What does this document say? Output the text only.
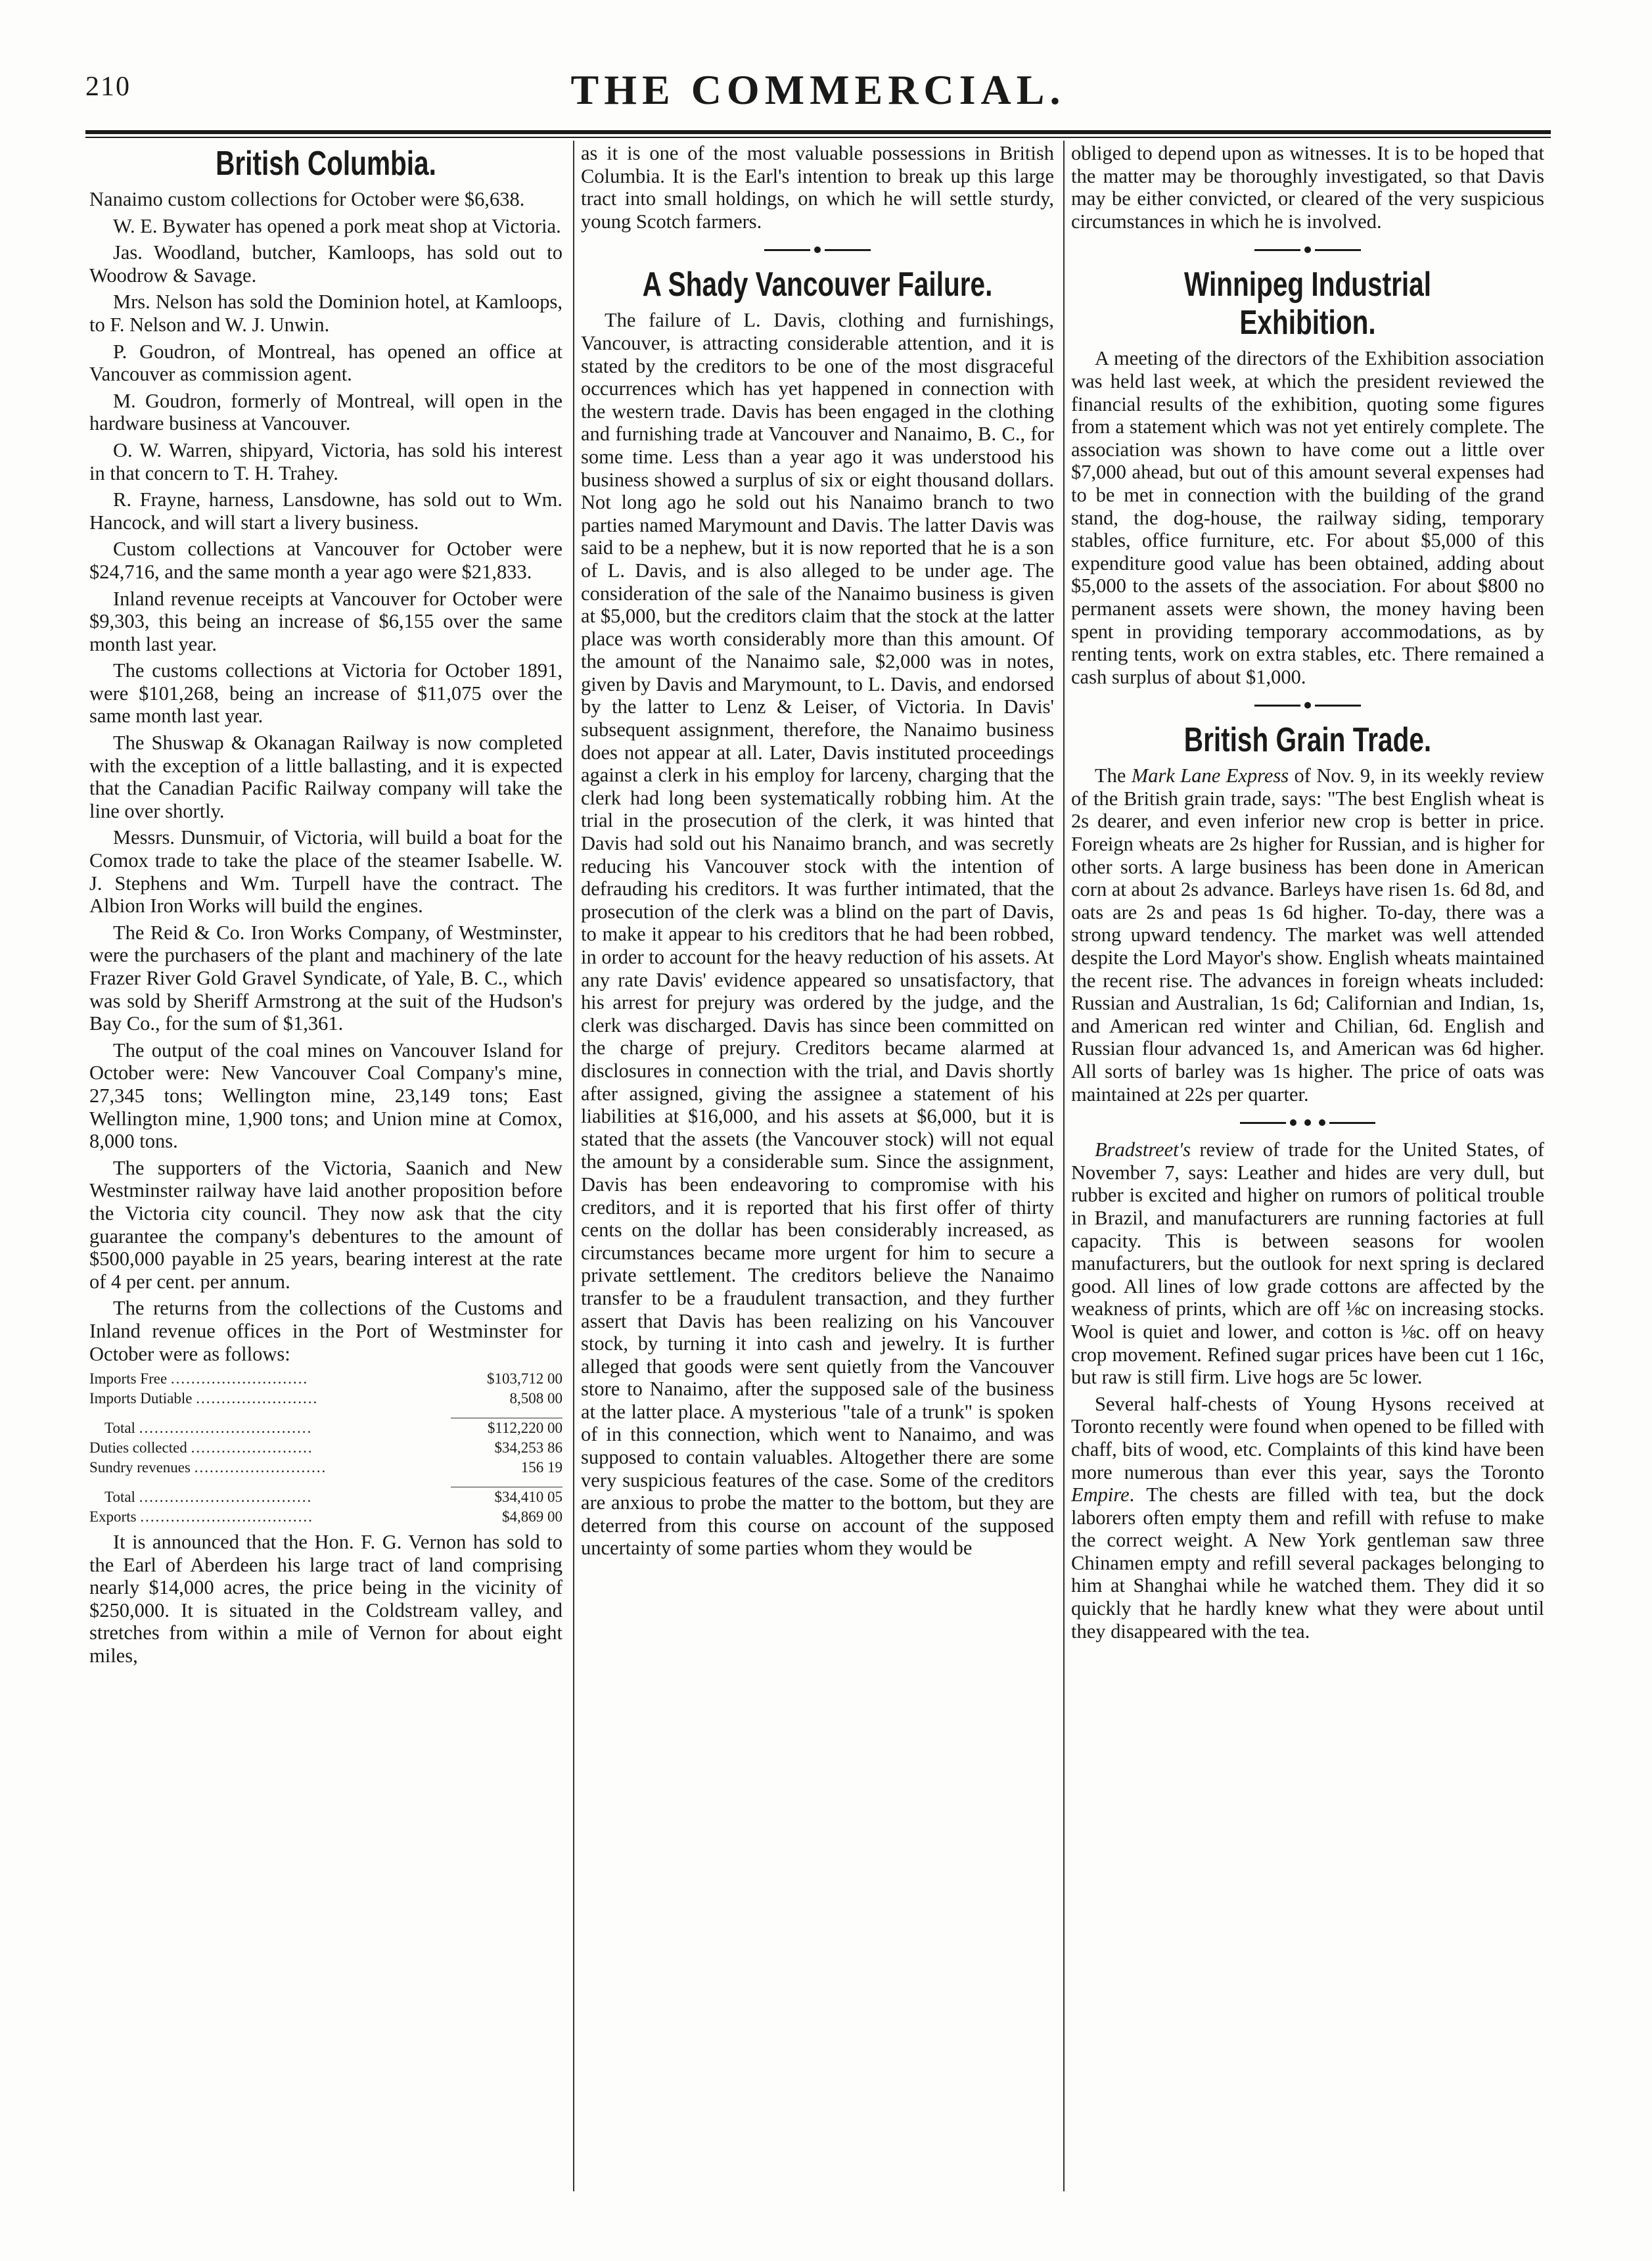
210	THE COMMERCIAL.
British Columbia.

Nanaimo custom collections for October were $6,638.

W. E. Bywater has opened a pork meat shop at Victoria.

Jas. Woodland, butcher, Kamloops, has sold out to Woodrow & Savage.

Mrs. Nelson has sold the Dominion hotel, at Kamloops, to F. Nelson and W. J. Unwin.

P. Goudron, of Montreal, has opened an office at Vancouver as commission agent.

M. Goudron, formerly of Montreal, will open in the hardware business at Vancouver.

O. W. Warren, shipyard, Victoria, has sold his interest in that concern to T. H. Trahey.

R. Frayne, harness, Lansdowne, has sold out to Wm. Hancock, and will start a livery business.

Custom collections at Vancouver for October were $24,716, and the same month a year ago were $21,833.

Inland revenue receipts at Vancouver for October were $9,303, this being an increase of $6,155 over the same month last year.

The customs collections at Victoria for October 1891, were $101,268, being an increase of $11,075 over the same month last year.

The Shuswap & Okanagan Railway is now completed with the exception of a little ballasting, and it is expected that the Canadian Pacific Railway company will take the line over shortly.

Messrs. Dunsmuir, of Victoria, will build a boat for the Comox trade to take the place of the steamer Isabelle. W. J. Stephens and Wm. Turpell have the contract. The Albion Iron Works will build the engines.

The Reid & Co. Iron Works Company, of Westminster, were the purchasers of the plant and machinery of the late Frazer River Gold Gravel Syndicate, of Yale, B. C., which was sold by Sheriff Armstrong at the suit of the Hudson's Bay Co., for the sum of $1,361.

The output of the coal mines on Vancouver Island for October were: New Vancouver Coal Company's mine, 27,345 tons; Wellington mine, 23,149 tons; East Wellington mine, 1,900 tons; and Union mine at Comox, 8,000 tons.

The supporters of the Victoria, Saanich and New Westminster railway have laid another proposition before the Victoria city council. They now ask that the city guarantee the company's debentures to the amount of $500,000 payable in 25 years, bearing interest at the rate of 4 per cent. per annum.

The returns from the collections of the Customs and Inland revenue offices in the Port of Westminster for October were as follows:

Imports Free ...........................	$103,712 00
Imports Dutiable ........................	8,508 00

Total ..................................	$112,220 00
Duties collected ........................	$34,253 86
Sundry revenues ..........................	156 19

Total ..................................	$34,410 05
Exports ..................................	$4,869 00

It is announced that the Hon. F. G. Vernon has sold to the Earl of Aberdeen his large tract of land comprising nearly $14,000 acres, the price being in the vicinity of $250,000. It is situated in the Coldstream valley, and stretches from within a mile of Vernon for about eight miles,

as it is one of the most valuable possessions in British Columbia. It is the Earl's intention to break up this large tract into small holdings, on which he will settle sturdy, young Scotch farmers.

A Shady Vancouver Failure.

The failure of L. Davis, clothing and furnishings, Vancouver, is attracting considerable attention, and it is stated by the creditors to be one of the most disgraceful occurrences which has yet happened in connection with the western trade. Davis has been engaged in the clothing and furnishing trade at Vancouver and Nanaimo, B. C., for some time. Less than a year ago it was understood his business showed a surplus of six or eight thousand dollars. Not long ago he sold out his Nanaimo branch to two parties named Marymount and Davis. The latter Davis was said to be a nephew, but it is now reported that he is a son of L. Davis, and is also alleged to be under age. The consideration of the sale of the Nanaimo business is given at $5,000, but the creditors claim that the stock at the latter place was worth considerably more than this amount. Of the amount of the Nanaimo sale, $2,000 was in notes, given by Davis and Marymount, to L. Davis, and endorsed by the latter to Lenz & Leiser, of Victoria. In Davis' subsequent assignment, therefore, the Nanaimo business does not appear at all. Later, Davis instituted proceedings against a clerk in his employ for larceny, charging that the clerk had long been systematically robbing him. At the trial in the prosecution of the clerk, it was hinted that Davis had sold out his Nanaimo branch, and was secretly reducing his Vancouver stock with the intention of defrauding his creditors. It was further intimated, that the prosecution of the clerk was a blind on the part of Davis, to make it appear to his creditors that he had been robbed, in order to account for the heavy reduction of his assets. At any rate Davis' evidence appeared so unsatisfactory, that his arrest for prejury was ordered by the judge, and the clerk was discharged. Davis has since been committed on the charge of prejury. Creditors became alarmed at disclosures in connection with the trial, and Davis shortly after assigned, giving the assignee a statement of his liabilities at $16,000, and his assets at $6,000, but it is stated that the assets (the Vancouver stock) will not equal the amount by a considerable sum. Since the assignment, Davis has been endeavoring to compromise with his creditors, and it is reported that his first offer of thirty cents on the dollar has been considerably increased, as circumstances became more urgent for him to secure a private settlement. The creditors believe the Nanaimo transfer to be a fraudulent transaction, and they further assert that Davis has been realizing on his Vancouver stock, by turning it into cash and jewelry. It is further alleged that goods were sent quietly from the Vancouver store to Nanaimo, after the supposed sale of the business at the latter place. A mysterious "tale of a trunk" is spoken of in this connection, which went to Nanaimo, and was supposed to contain valuables. Altogether there are some very suspicious features of the case. Some of the creditors are anxious to probe the matter to the bottom, but they are deterred from this course on account of the supposed uncertainty of some parties whom they would be

obliged to depend upon as witnesses. It is to be hoped that the matter may be thoroughly investigated, so that Davis may be either convicted, or cleared of the very suspicious circumstances in which he is involved.

Winnipeg Industrial Exhibition.

A meeting of the directors of the Exhibition association was held last week, at which the president reviewed the financial results of the exhibition, quoting some figures from a statement which was not yet entirely complete. The association was shown to have come out a little over $7,000 ahead, but out of this amount several expenses had to be met in connection with the building of the grand stand, the dog-house, the railway siding, temporary stables, office furniture, etc. For about $5,000 of this expenditure good value has been obtained, adding about $5,000 to the assets of the association. For about $800 no permanent assets were shown, the money having been spent in providing temporary accommodations, as by renting tents, work on extra stables, etc. There remained a cash surplus of about $1,000.

British Grain Trade.

The Mark Lane Express of Nov. 9, in its weekly review of the British grain trade, says: "The best English wheat is 2s dearer, and even inferior new crop is better in price. Foreign wheats are 2s higher for Russian, and is higher for other sorts. A large business has been done in American corn at about 2s advance. Barleys have risen 1s. 6d 8d, and oats are 2s and peas 1s 6d higher. To-day, there was a strong upward tendency. The market was well attended despite the Lord Mayor's show. English wheats maintained the recent rise. The advances in foreign wheats included: Russian and Australian, 1s 6d; Californian and Indian, 1s, and American red winter and Chilian, 6d. English and Russian flour advanced 1s, and American was 6d higher. All sorts of barley was 1s higher. The price of oats was maintained at 22s per quarter.

Bradstreet's review of trade for the United States, of November 7, says: Leather and hides are very dull, but rubber is excited and higher on rumors of political trouble in Brazil, and manufacturers are running factories at full capacity. This is between seasons for woolen manufacturers, but the outlook for next spring is declared good. All lines of low grade cottons are affected by the weakness of prints, which are off ⅛c on increasing stocks. Wool is quiet and lower, and cotton is ⅛c. off on heavy crop movement. Refined sugar prices have been cut 1 16c, but raw is still firm. Live hogs are 5c lower.

Several half-chests of Young Hysons received at Toronto recently were found when opened to be filled with chaff, bits of wood, etc. Complaints of this kind have been more numerous than ever this year, says the Toronto Empire. The chests are filled with tea, but the dock laborers often empty them and refill with refuse to make the correct weight. A New York gentleman saw three Chinamen empty and refill several packages belonging to him at Shanghai while he watched them. They did it so quickly that he hardly knew what they were about until they disappeared with the tea.
